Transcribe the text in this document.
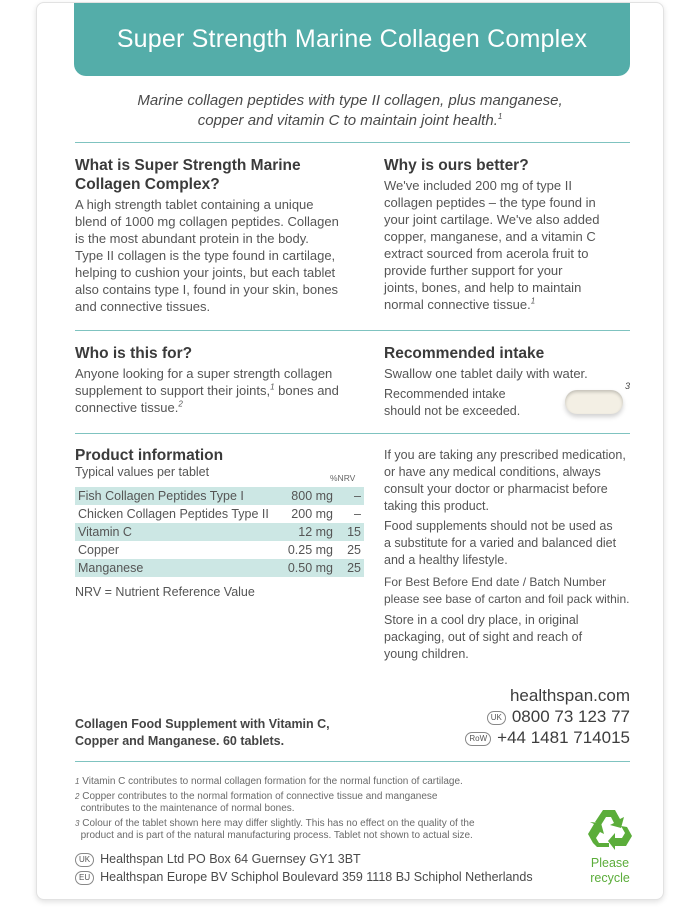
Super Strength Marine Collagen Complex
Marine collagen peptides with type II collagen, plus manganese,
copper and vitamin C to maintain joint health.$^1$
What is Super Strength Marine
Collagen Complex?

A high strength tablet containing a unique
blend of 1000 mg collagen peptides. Collagen
is the most abundant protein in the body.
Type II collagen is the type found in cartilage,
helping to cushion your joints, but each tablet
also contains type I, found in your skin, bones
and connective tissues.

Why is ours better?

We've included 200 mg of type II
collagen peptides – the type found in
your joint cartilage. We've also added
copper, manganese, and a vitamin C
extract sourced from acerola fruit to
provide further support for your
joints, bones, and help to maintain
normal connective tissue.$^1$

Who is this for?

Anyone looking for a super strength collagen
supplement to support their joints,$^1$ bones and
connective tissue.$^2$

Recommended intake

Swallow one tablet daily with water.

Recommended intake
should not be exceeded.

Product information
Typical values per tablet	%NRV
Fish Collagen Peptides Type I	800 mg	–
Chicken Collagen Peptides Type II	200 mg	–
Vitamin C	12 mg	15
Copper	0.25 mg	25
Manganese	0.50 mg	25
NRV = Nutrient Reference Value

If you are taking any prescribed medication,
or have any medical conditions, always
consult your doctor or pharmacist before
taking this product.

Food supplements should not be used as
a substitute for a varied and balanced diet
and a healthy lifestyle.

For Best Before End date / Batch Number
please see base of carton and foil pack within.

Store in a cool dry place, in original
packaging, out of sight and reach of
young children.

Collagen Food Supplement with Vitamin C,
Copper and Manganese. 60 tablets.

healthspan.com
UK 0800 73 123 77
RoW +44 1481 714015
1 Vitamin C contributes to normal collagen formation for the normal function of cartilage.
2 Copper contributes to the normal formation of connective tissue and manganese
contributes to the maintenance of normal bones.
3 Colour of the tablet shown here may differ slightly. This has no effect on the quality of the
product and is part of the natural manufacturing process. Tablet not shown to actual size.
UK Healthspan Ltd PO Box 64 Guernsey GY1 3BT
EU Healthspan Europe BV Schiphol Boulevard 359 1118 BJ Schiphol Netherlands
Please
recycle
